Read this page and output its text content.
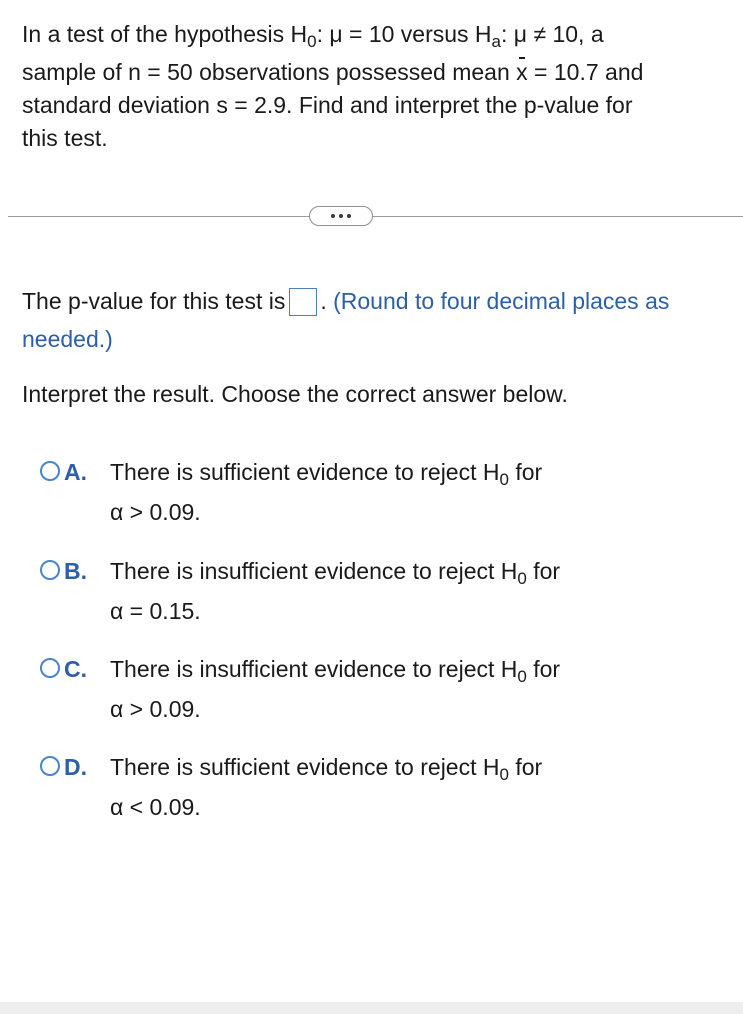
In a test of the hypothesis $H_0$: μ = 10 versus $H_a$: μ ≠ 10, a
sample of n = 50 observations possessed mean x = 10.7 and
standard deviation s = 2.9. Find and interpret the p-value for
this test.
The p-value for this test is . (Round to four decimal places as needed.)
Interpret the result. Choose the correct answer below.
A. There is sufficient evidence to reject $H_0$ for
α > 0.09.
B. There is insufficient evidence to reject $H_0$ for
α = 0.15.
C. There is insufficient evidence to reject $H_0$ for
α > 0.09.
D. There is sufficient evidence to reject $H_0$ for
α < 0.09.
